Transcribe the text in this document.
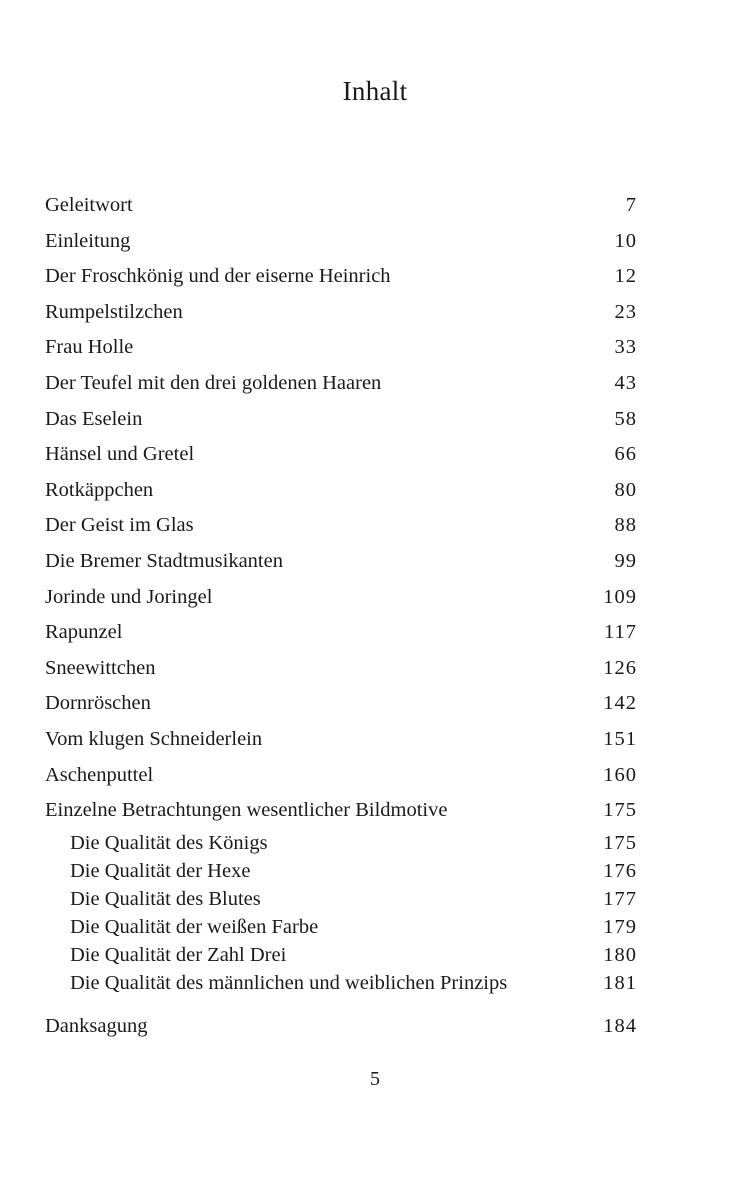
Inhalt
Geleitwort	7
Einleitung	10
Der Froschkönig und der eiserne Heinrich	12
Rumpelstilzchen	23
Frau Holle	33
Der Teufel mit den drei goldenen Haaren	43
Das Eselein	58
Hänsel und Gretel	66
Rotkäppchen	80
Der Geist im Glas	88
Die Bremer Stadtmusikanten	99
Jorinde und Joringel	109
Rapunzel	117
Sneewittchen	126
Dornröschen	142
Vom klugen Schneiderlein	151
Aschenputtel	160
Einzelne Betrachtungen wesentlicher Bildmotive	175
Die Qualität des Königs	175
Die Qualität der Hexe	176
Die Qualität des Blutes	177
Die Qualität der weißen Farbe	179
Die Qualität der Zahl Drei	180
Die Qualität des männlichen und weiblichen Prinzips	181
Danksagung	184
5
